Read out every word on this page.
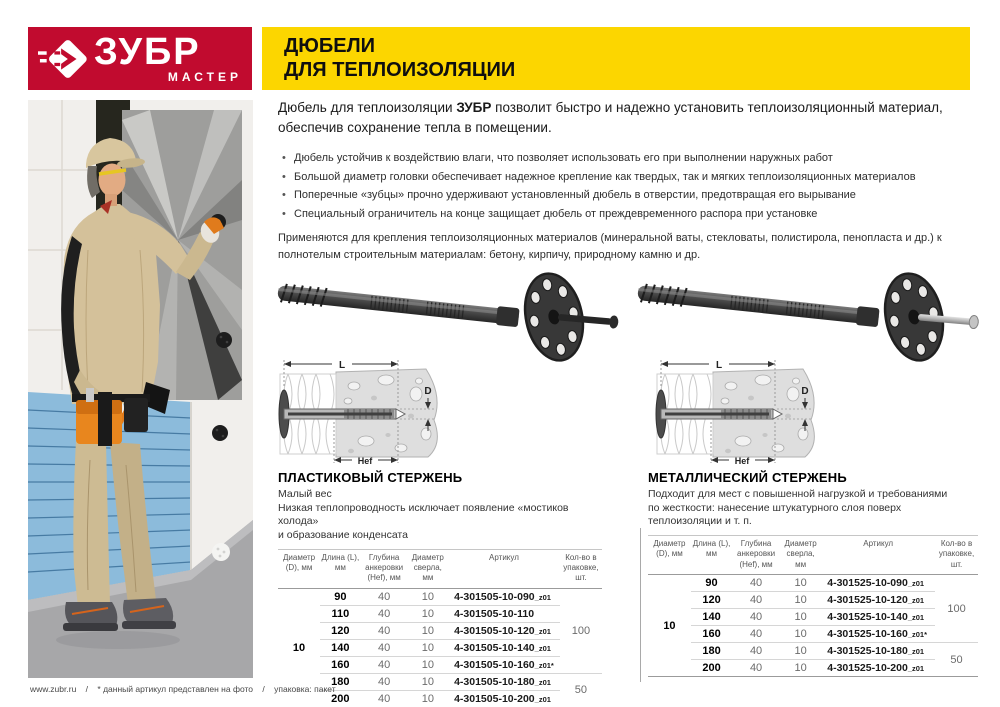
ЗУБР
МАСТЕР
ДЮБЕЛИ
ДЛЯ ТЕПЛОИЗОЛЯЦИИ
Дюбель для теплоизоляции ЗУБР позволит быстро и надежно установить теплоизоляционный материал, обеспечив сохранение тепла в помещении.
• Дюбель устойчив к воздействию влаги, что позволяет использовать его при выполнении наружных работ
• Большой диаметр головки обеспечивает надежное крепление как твердых, так и мягких теплоизоляционных материалов
• Поперечные «зубцы» прочно удерживают установленный дюбель в отверстии, предотвращая его вырывание
• Специальный ограничитель на конце защищает дюбель от преждевременного распора при установке
Применяются для крепления теплоизоляционных материалов (минеральной ваты, стекловаты, полистирола, пенопласта и др.) к полнотелым строительным материалам: бетону, кирпичу, природному камню и др.
L
Hef
D
L
Hef
D
ПЛАСТИКОВЫЙ СТЕРЖЕНЬ
Малый вес
Низкая теплопроводность исключает появление «мостиков холода»
и образование конденсата
Диаметр (D), мм	Длина (L), мм	Глубина анкеровки (Hef), мм	Диаметр сверла, мм	Артикул	Кол-во в упаковке, шт.
10	90	40	10	4-301505-10-090_z01	100
	110	40	10	4-301505-10-110	
	120	40	10	4-301505-10-120_z01	
	140	40	10	4-301505-10-140_z01	
	160	40	10	4-301505-10-160_z01*	
	180	40	10	4-301505-10-180_z01	50
	200	40	10	4-301505-10-200_z01	
МЕТАЛЛИЧЕСКИЙ СТЕРЖЕНЬ
Подходит для мест с повышенной нагрузкой и требованиями
по жесткости: нанесение штукатурного слоя поверх
теплоизоляции и т. п.
Диаметр (D), мм	Длина (L), мм	Глубина анкеровки (Hef), мм	Диаметр сверла, мм	Артикул	Кол-во в упаковке, шт.
10	90	40	10	4-301525-10-090_z01	100
	120	40	10	4-301525-10-120_z01	
	140	40	10	4-301525-10-140_z01	
	160	40	10	4-301525-10-160_z01*	
	180	40	10	4-301525-10-180_z01	50
	200	40	10	4-301525-10-200_z01	
www.zubr.ru / * данный артикул представлен на фото / упаковка: пакет
